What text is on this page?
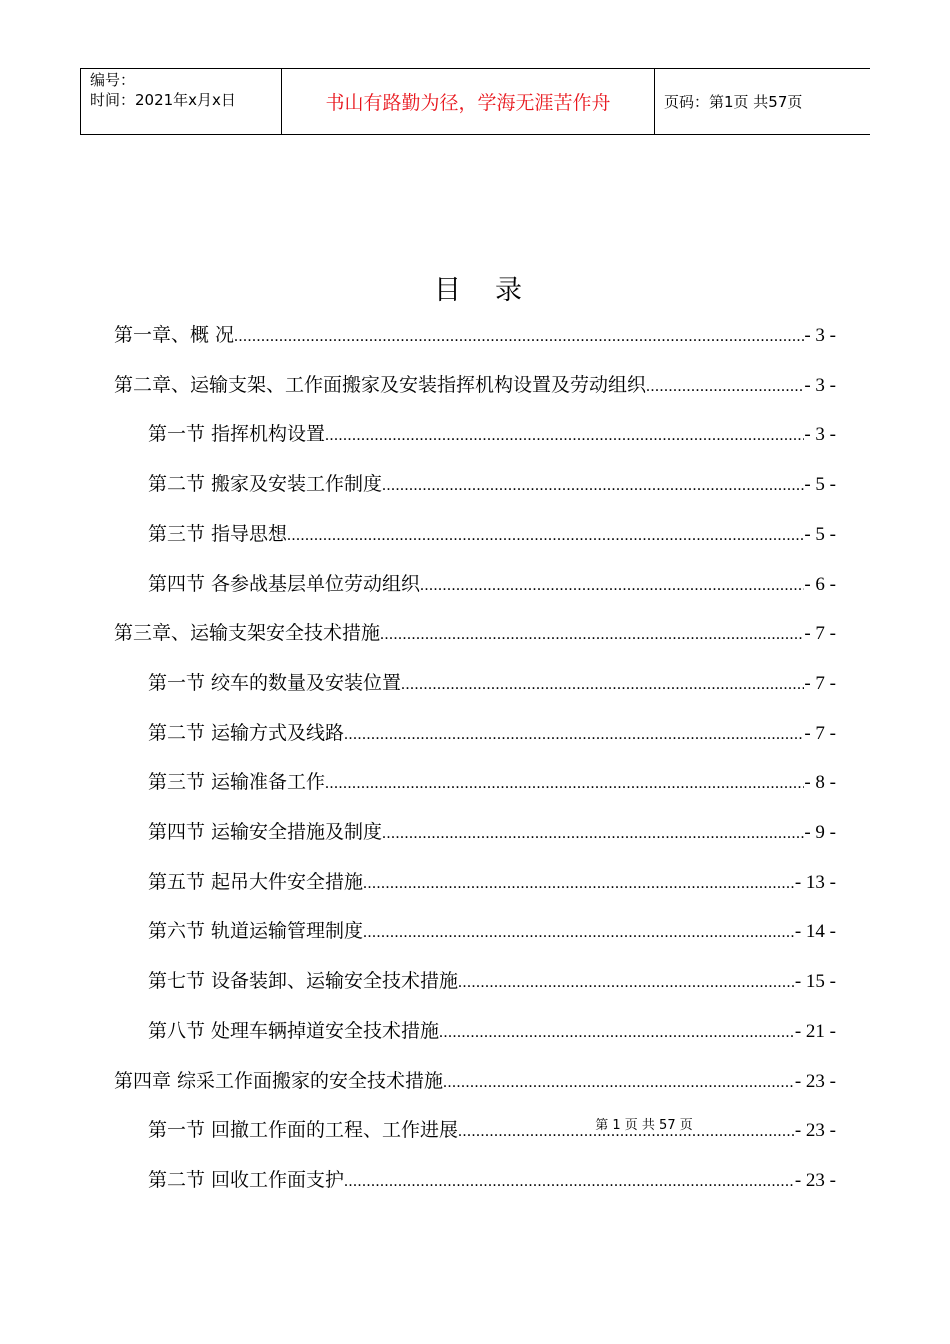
编号：
时间：2021年x月x日	书山有路勤为径，学海无涯苦作舟	页码：第1页 共57页
目录
第一章、概 况 .....	- 3 -
第二章、运输支架、工作面搬家及安装指挥机构设置及劳动组织 .....	- 3 -
第一节 指挥机构设置 .....	- 3 -
第二节 搬家及安装工作制度 .....	- 5 -
第三节 指导思想 .....	- 5 -
第四节 各参战基层单位劳动组织 .....	- 6 -
第三章、运输支架安全技术措施 .....	- 7 -
第一节 绞车的数量及安装位置 .....	- 7 -
第二节 运输方式及线路 .....	- 7 -
第三节 运输准备工作 .....	- 8 -
第四节 运输安全措施及制度 .....	- 9 -
第五节 起吊大件安全措施 .....	- 13 -
第六节 轨道运输管理制度 .....	- 14 -
第七节 设备装卸、运输安全技术措施 .....	- 15 -
第八节 处理车辆掉道安全技术措施 .....	- 21 -
第四章 综采工作面搬家的安全技术措施 .....	- 23 -
第一节 回撤工作面的工程、工作进展 .....	- 23 -
第二节 回收工作面支护 .....	- 23 -
第 1 页 共 57 页
